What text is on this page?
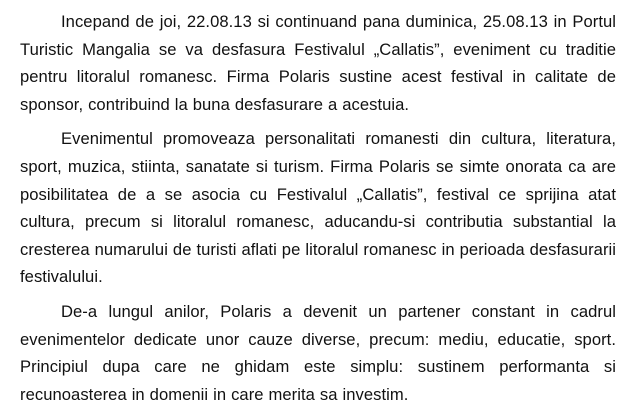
Incepand de joi, 22.08.13 si continuand pana duminica, 25.08.13 in Portul Turistic Mangalia se va desfasura Festivalul „Callatis”, eveniment cu traditie pentru litoralul romanesc. Firma Polaris sustine acest festival in calitate de sponsor, contribuind la buna desfasurare a acestuia.

Evenimentul promoveaza personalitati romanesti din cultura, literatura, sport, muzica, stiinta, sanatate si turism. Firma Polaris se simte onorata ca are posibilitatea de a se asocia cu Festivalul „Callatis”, festival ce sprijina atat cultura, precum si litoralul romanesc, aducandu-si contributia substantial la cresterea numarului de turisti aflati pe litoralul romanesc in perioada desfasurarii festivalului.

De-a lungul anilor, Polaris a devenit un partener constant in cadrul evenimentelor dedicate unor cauze diverse, precum: mediu, educatie, sport. Principiul dupa care ne ghidam este simplu: sustinem performanta si recunoasterea in domenii in care merita sa investim.
